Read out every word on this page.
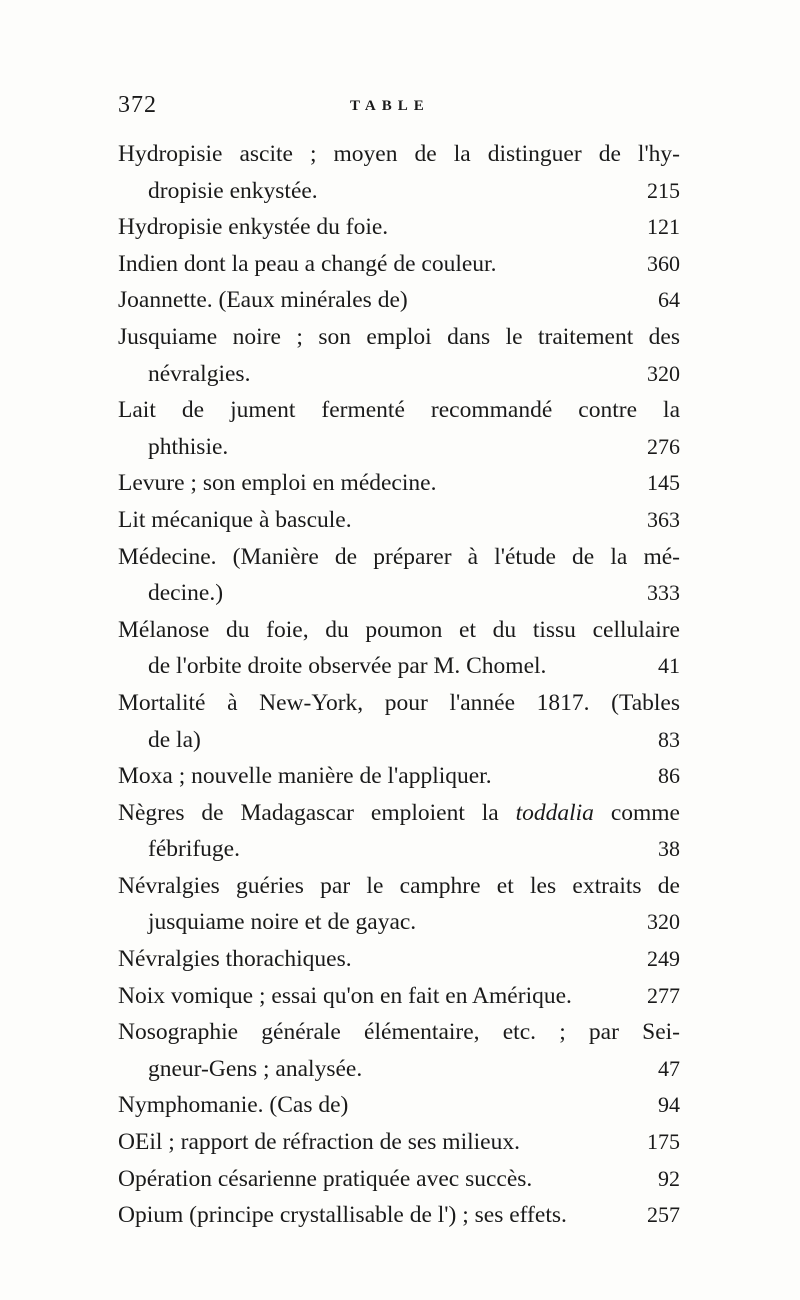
372	TABLE
Hydropisie ascite ; moyen de la distinguer de l'hy-
dropisie enkystée.	215
Hydropisie enkystée du foie.	121
Indien dont la peau a changé de couleur.	360
Joannette. (Eaux minérales de)	64
Jusquiame noire ; son emploi dans le traitement des
névralgies.	320
Lait de jument fermenté recommandé contre la
phthisie.	276
Levure ; son emploi en médecine.	145
Lit mécanique à bascule.	363
Médecine. (Manière de préparer à l'étude de la mé-
decine.)	333
Mélanose du foie, du poumon et du tissu cellulaire
de l'orbite droite observée par M. Chomel.	41
Mortalité à New-York, pour l'année 1817. (Tables
de la)	83
Moxa ; nouvelle manière de l'appliquer.	86
Nègres de Madagascar emploient la toddalia comme
fébrifuge.	38
Névralgies guéries par le camphre et les extraits de
jusquiame noire et de gayac.	320
Névralgies thorachiques.	249
Noix vomique ; essai qu'on en fait en Amérique.	277
Nosographie générale élémentaire, etc. ; par Sei-
gneur-Gens ; analysée.	47
Nymphomanie. (Cas de)	94
OEil ; rapport de réfraction de ses milieux.	175
Opération césarienne pratiquée avec succès.	92
Opium (principe crystallisable de l') ; ses effets.	257
